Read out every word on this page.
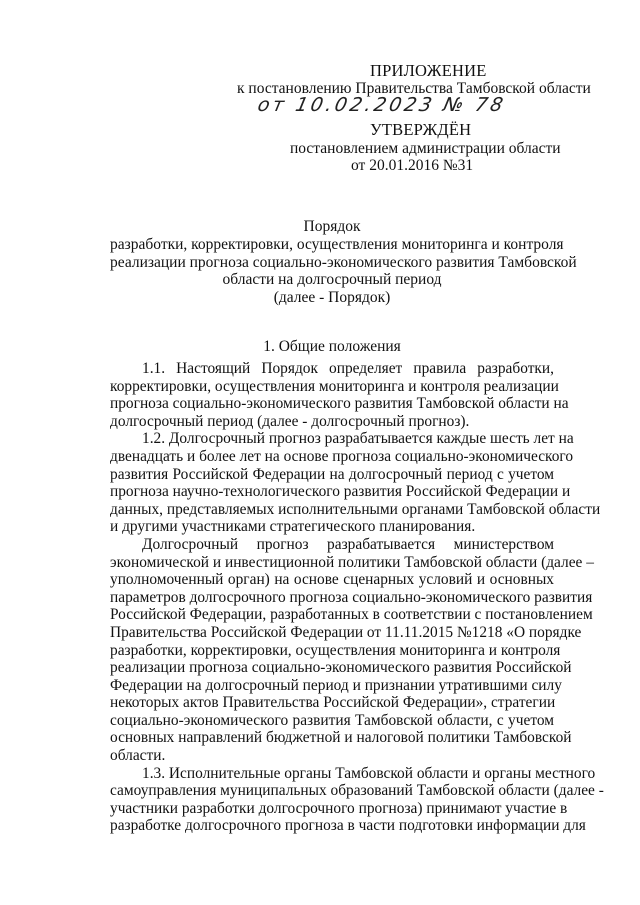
ПРИЛОЖЕНИЕ
к постановлению Правительства Тамбовской области
от 10.02.2023 № 78
УТВЕРЖДЁН
постановлением администрации области
от 20.01.2016 №31
Порядок
разработки, корректировки, осуществления мониторинга и контроля
реализации прогноза социально-экономического развития Тамбовской
области на долгосрочный период
(далее - Порядок)
1. Общие положения
1.1. Настоящий Порядок определяет правила разработки,
корректировки, осуществления мониторинга и контроля реализации
прогноза социально-экономического развития Тамбовской области на
долгосрочный период (далее - долгосрочный прогноз).
1.2. Долгосрочный прогноз разрабатывается каждые шесть лет на
двенадцать и более лет на основе прогноза социально-экономического
развития Российской Федерации на долгосрочный период с учетом
прогноза научно-технологического развития Российской Федерации и
данных, представляемых исполнительными органами Тамбовской области
и другими участниками стратегического планирования.
Долгосрочный прогноз разрабатывается министерством
экономической и инвестиционной политики Тамбовской области (далее –
уполномоченный орган) на основе сценарных условий и основных
параметров долгосрочного прогноза социально-экономического развития
Российской Федерации, разработанных в соответствии с постановлением
Правительства Российской Федерации от 11.11.2015 №1218 «О порядке
разработки, корректировки, осуществления мониторинга и контроля
реализации прогноза социально-экономического развития Российской
Федерации на долгосрочный период и признании утратившими силу
некоторых актов Правительства Российской Федерации», стратегии
социально-экономического развития Тамбовской области, с учетом
основных направлений бюджетной и налоговой политики Тамбовской
области.
1.3. Исполнительные органы Тамбовской области и органы местного
самоуправления муниципальных образований Тамбовской области (далее -
участники разработки долгосрочного прогноза) принимают участие в
разработке долгосрочного прогноза в части подготовки информации для
